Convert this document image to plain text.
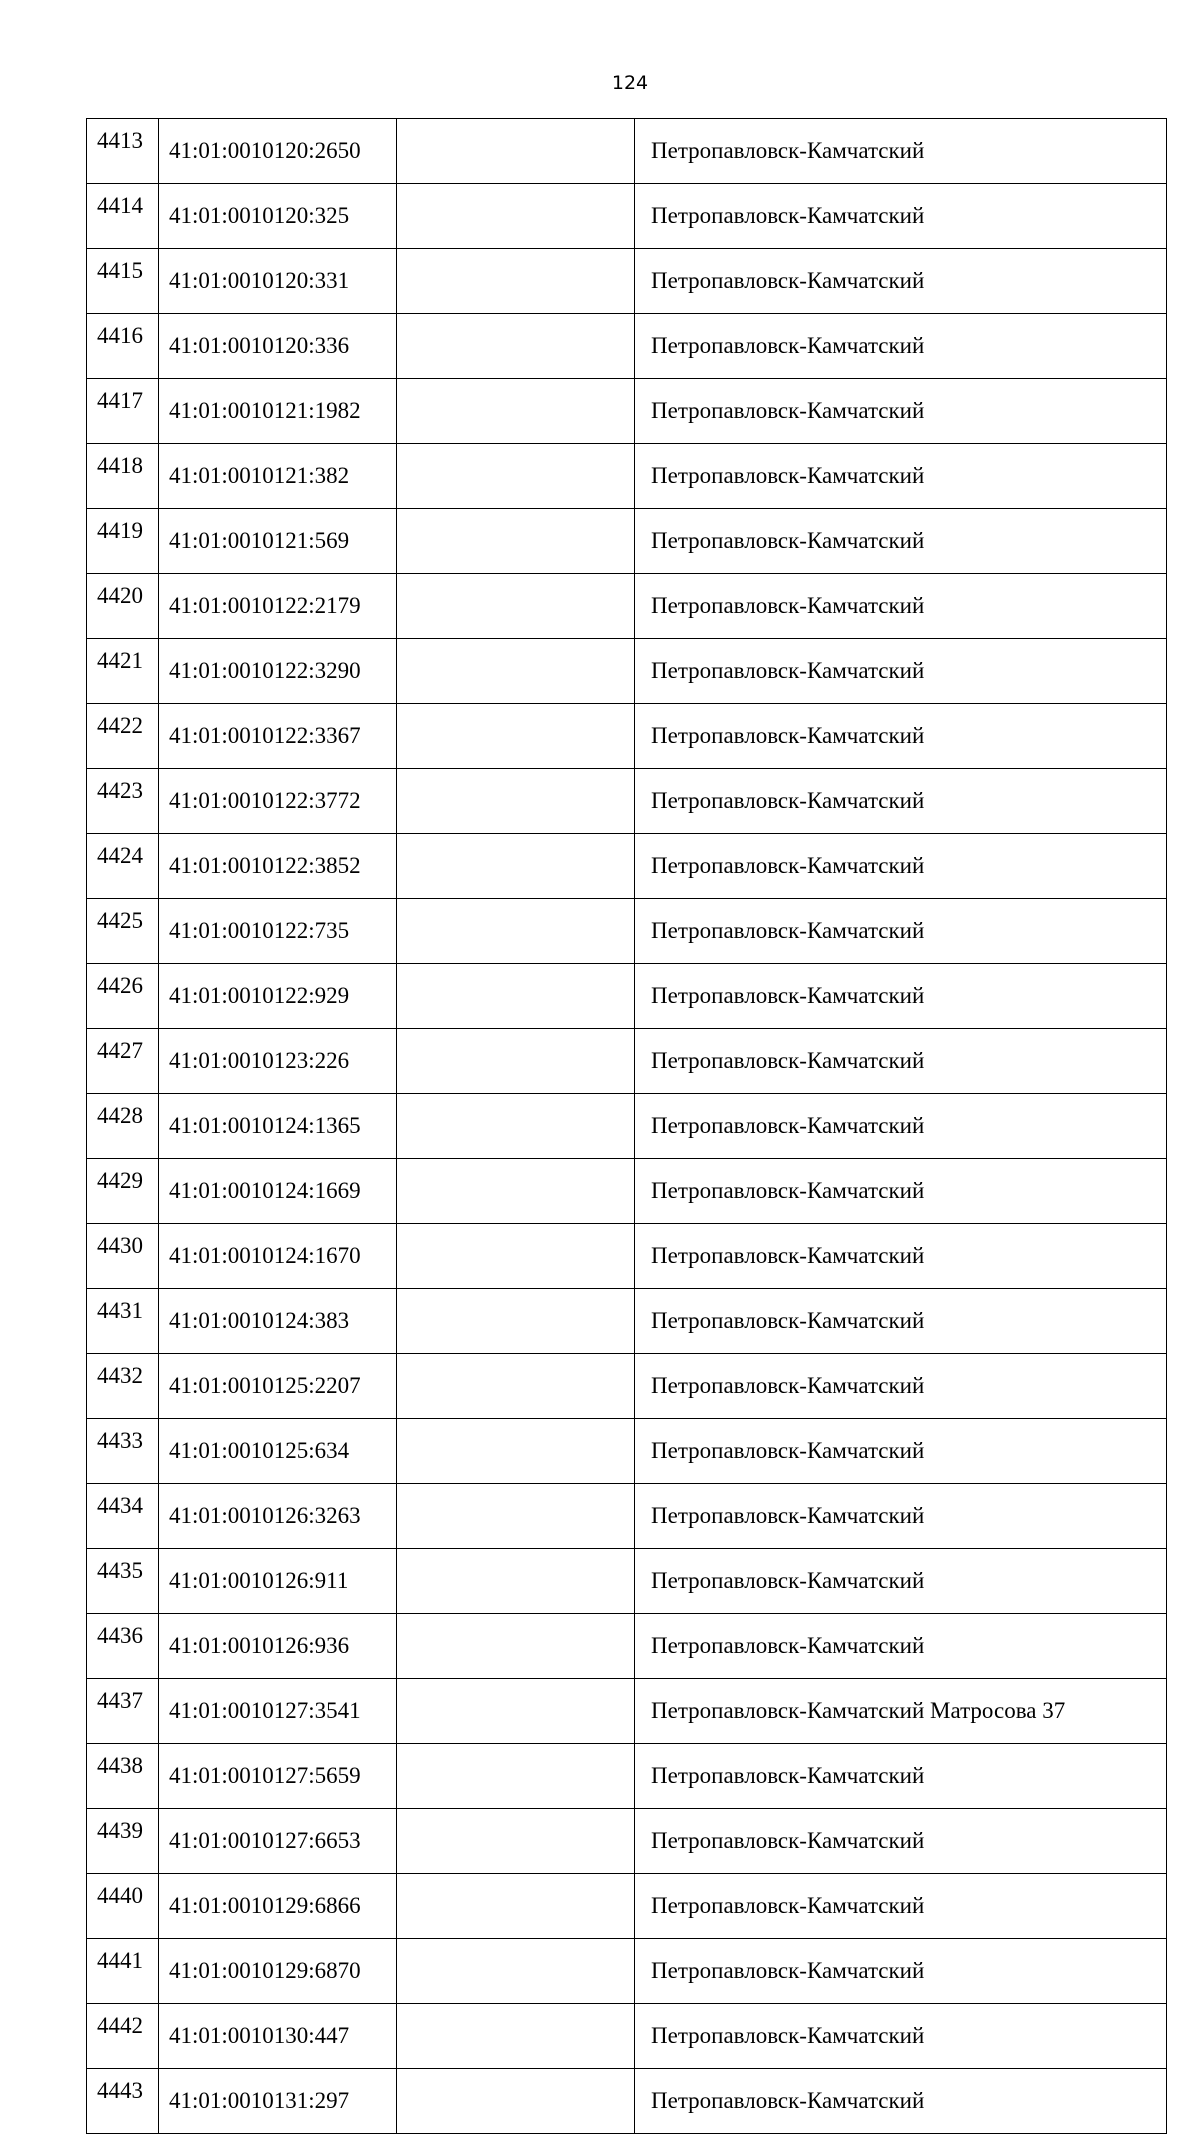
124
4413	41:01:0010120:2650		Петропавловск-Камчатский
4414	41:01:0010120:325		Петропавловск-Камчатский
4415	41:01:0010120:331		Петропавловск-Камчатский
4416	41:01:0010120:336		Петропавловск-Камчатский
4417	41:01:0010121:1982		Петропавловск-Камчатский
4418	41:01:0010121:382		Петропавловск-Камчатский
4419	41:01:0010121:569		Петропавловск-Камчатский
4420	41:01:0010122:2179		Петропавловск-Камчатский
4421	41:01:0010122:3290		Петропавловск-Камчатский
4422	41:01:0010122:3367		Петропавловск-Камчатский
4423	41:01:0010122:3772		Петропавловск-Камчатский
4424	41:01:0010122:3852		Петропавловск-Камчатский
4425	41:01:0010122:735		Петропавловск-Камчатский
4426	41:01:0010122:929		Петропавловск-Камчатский
4427	41:01:0010123:226		Петропавловск-Камчатский
4428	41:01:0010124:1365		Петропавловск-Камчатский
4429	41:01:0010124:1669		Петропавловск-Камчатский
4430	41:01:0010124:1670		Петропавловск-Камчатский
4431	41:01:0010124:383		Петропавловск-Камчатский
4432	41:01:0010125:2207		Петропавловск-Камчатский
4433	41:01:0010125:634		Петропавловск-Камчатский
4434	41:01:0010126:3263		Петропавловск-Камчатский
4435	41:01:0010126:911		Петропавловск-Камчатский
4436	41:01:0010126:936		Петропавловск-Камчатский
4437	41:01:0010127:3541		Петропавловск-Камчатский Матросова 37
4438	41:01:0010127:5659		Петропавловск-Камчатский
4439	41:01:0010127:6653		Петропавловск-Камчатский
4440	41:01:0010129:6866		Петропавловск-Камчатский
4441	41:01:0010129:6870		Петропавловск-Камчатский
4442	41:01:0010130:447		Петропавловск-Камчатский
4443	41:01:0010131:297		Петропавловск-Камчатский
